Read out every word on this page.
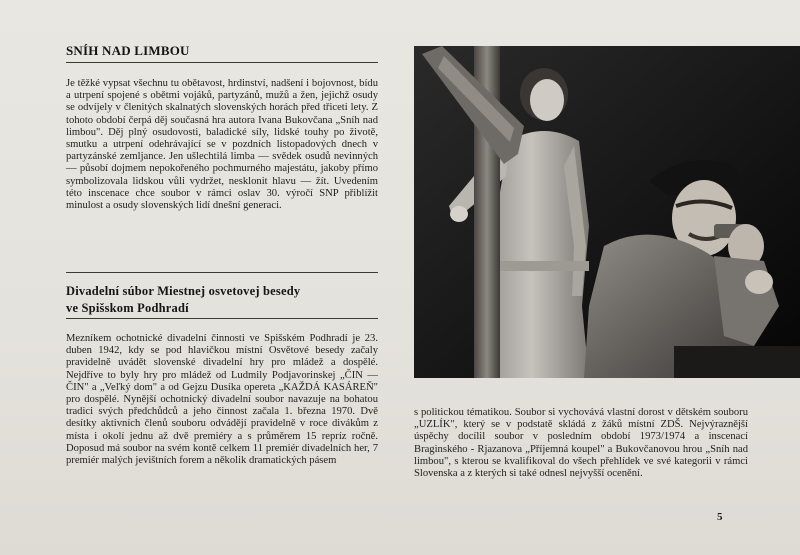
SNÍH NAD LIMBOU

Je těžké vypsat všechnu tu obětavost, hrdinství, nadšení i bojovnost, bídu a utrpení spojené s obětmi vojáků, partyzánů, mužů a žen, jejichž osudy se odvíjely v členitých skalnatých slovenských horách před třiceti lety. Z tohoto období čerpá děj současná hra autora Ivana Bukovčana „Sníh nad limbou". Děj plný osudovosti, baladické síly, lidské touhy po životě, smutku a utrpení odehrávající se v pozdních listopadových dnech v partyzánské zemljance. Jen ušlechtilá limba — svědek osudů nevinných — působí dojmem nepokořeného pochmurného majestátu, jakoby přímo symbolizovala lidskou vůli vydržet, nesklonit hlavu — žít. Uvedením této inscenace chce soubor v rámci oslav 30. výročí SNP přiblížit minulost a osudy slovenských lidí dnešní generaci.

Divadelní súbor Miestnej osvetovej besedy
ve Spišskom Podhradí

Mezníkem ochotnické divadelní činnosti ve Spišském Podhradí je 23. duben 1942, kdy se pod hlavičkou místní Osvětové besedy začaly pravidelně uvádět slovenské divadelní hry pro mládež a dospělé. Nejdříve to byly hry pro mládež od Ludmily Podjavorinskej „ČIN — ČIN" a „Veľký dom" a od Gejzu Dusíka opereta „KAŽDÁ KASÁREŇ" pro dospělé. Nynější ochotnický divadelní soubor navazuje na bohatou tradici svých předchůdců a jeho činnost začala 1. března 1970. Dvě desítky aktivních členů souboru odvádějí pravidelně v roce divákům z místa i okolí jednu až dvě premiéry a s průměrem 15 repríz ročně. Doposud má soubor na svém kontě celkem 11 premiér divadelních her, 7 premiér malých jevištních forem a několik dramatických pásem

s politickou tématikou. Soubor si vychovává vlastní dorost v dětském souboru „UZLÍK", který se v podstatě skládá z žáků místní ZDŠ. Nejvýraznější úspěchy docílil soubor v posledním období 1973/1974 a inscenací Braginského - Rjazanova „Příjemná koupel" a Bukovčanovou hrou „Sníh nad limbou", s kterou se kvalifikoval do všech přehlídek ve své kategorii v rámci Slovenska a z kterých si také odnesl nejvyšší ocenění.

5
